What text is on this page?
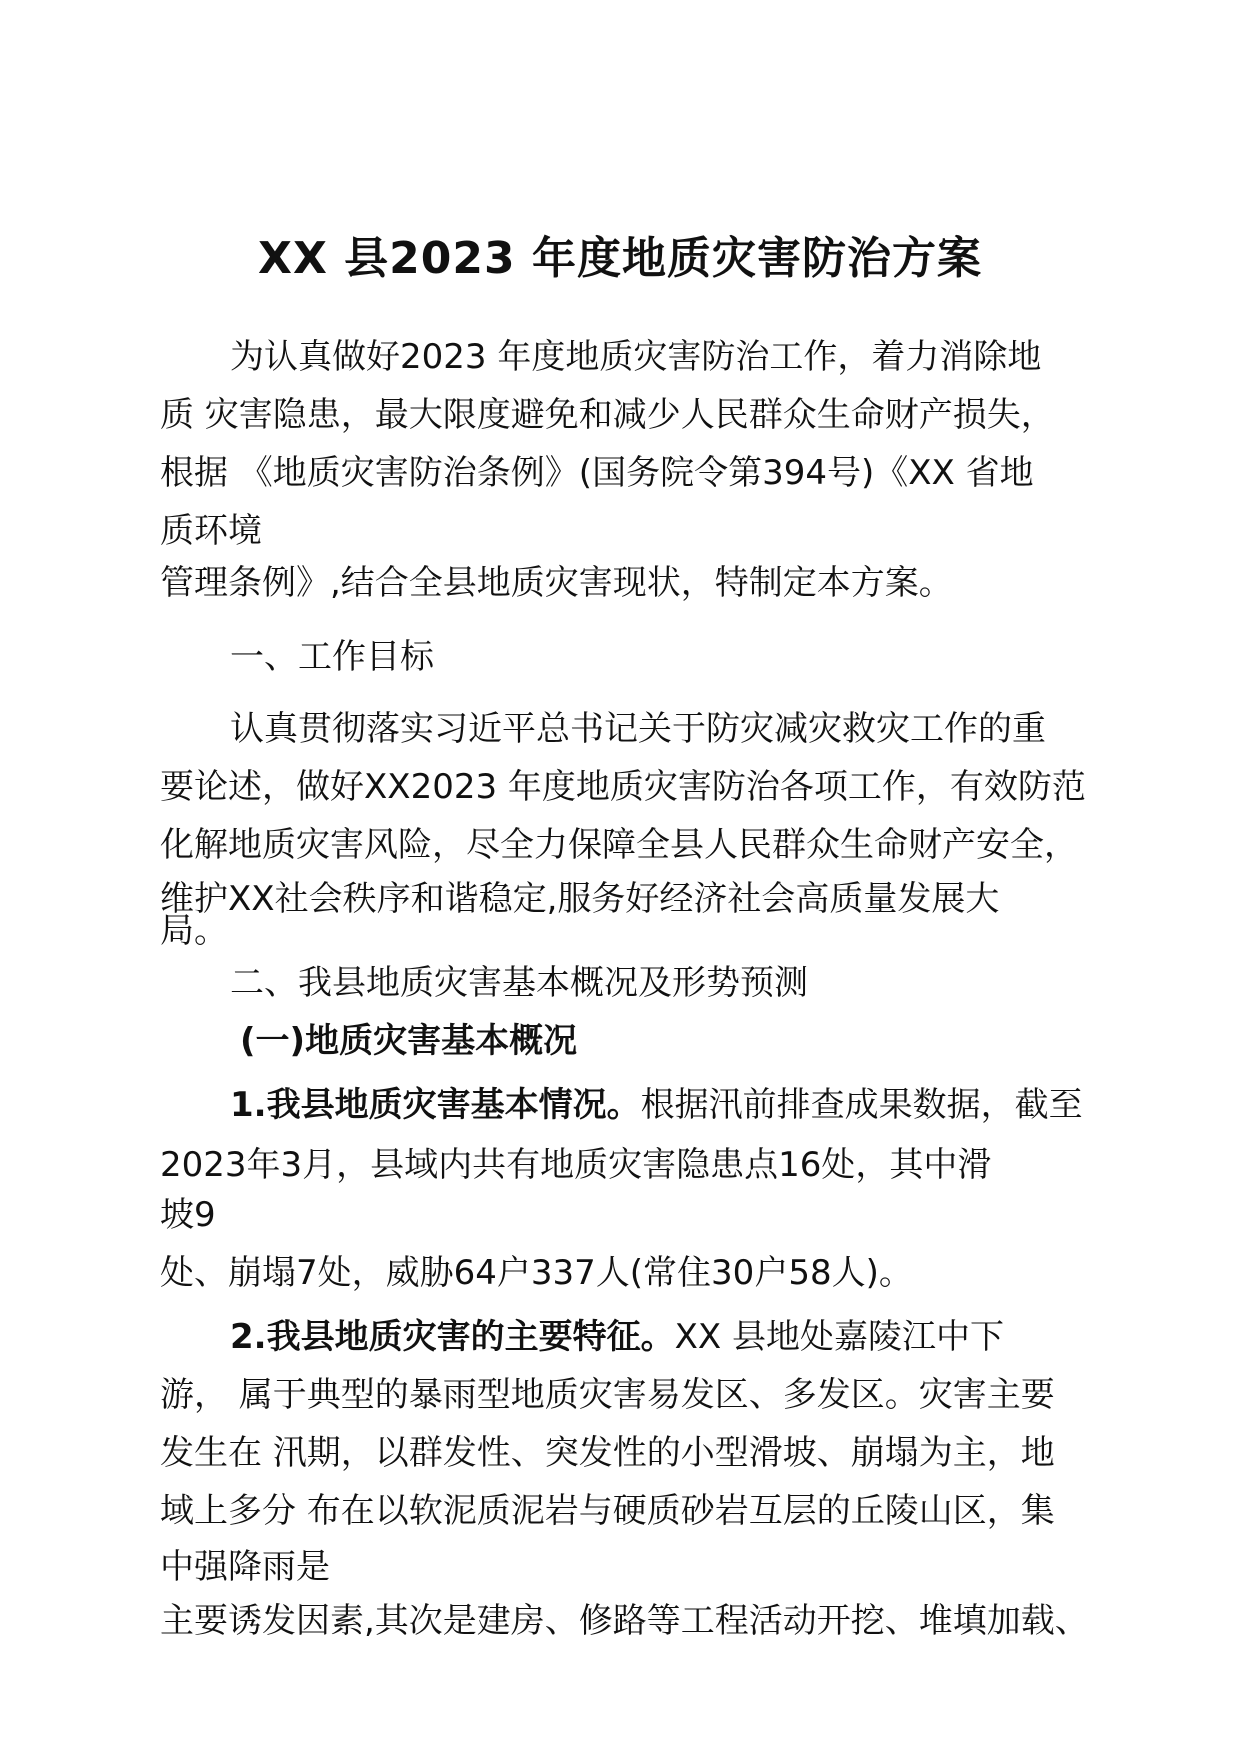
XX 县2023 年度地质灾害防治方案
为认真做好2023 年度地质灾害防治工作，着力消除地
质 灾害隐患，最大限度避免和减少人民群众生命财产损失，
根据 《地质灾害防治条例》(国务院令第394号)《XX 省地
质环境
管理条例》,结合全县地质灾害现状，特制定本方案。
一、工作目标
认真贯彻落实习近平总书记关于防灾减灾救灾工作的重
要论述，做好XX2023 年度地质灾害防治各项工作，有效防范
化解地质灾害风险，尽全力保障全县人民群众生命财产安全，
维护XX社会秩序和谐稳定,服务好经济社会高质量发展大
局。
二、我县地质灾害基本概况及形势预测
(一)地质灾害基本概况
1.我县地质灾害基本情况。根据汛前排查成果数据，截至
2023年3月，县域内共有地质灾害隐患点16处，其中滑
坡9
处、崩塌7处，威胁64户337人(常住30户58人)。
2.我县地质灾害的主要特征。XX 县地处嘉陵江中下
游， 属于典型的暴雨型地质灾害易发区、多发区。灾害主要
发生在 汛期，以群发性、突发性的小型滑坡、崩塌为主，地
域上多分 布在以软泥质泥岩与硬质砂岩互层的丘陵山区，集
中强降雨是
主要诱发因素,其次是建房、修路等工程活动开挖、堆填加载、
